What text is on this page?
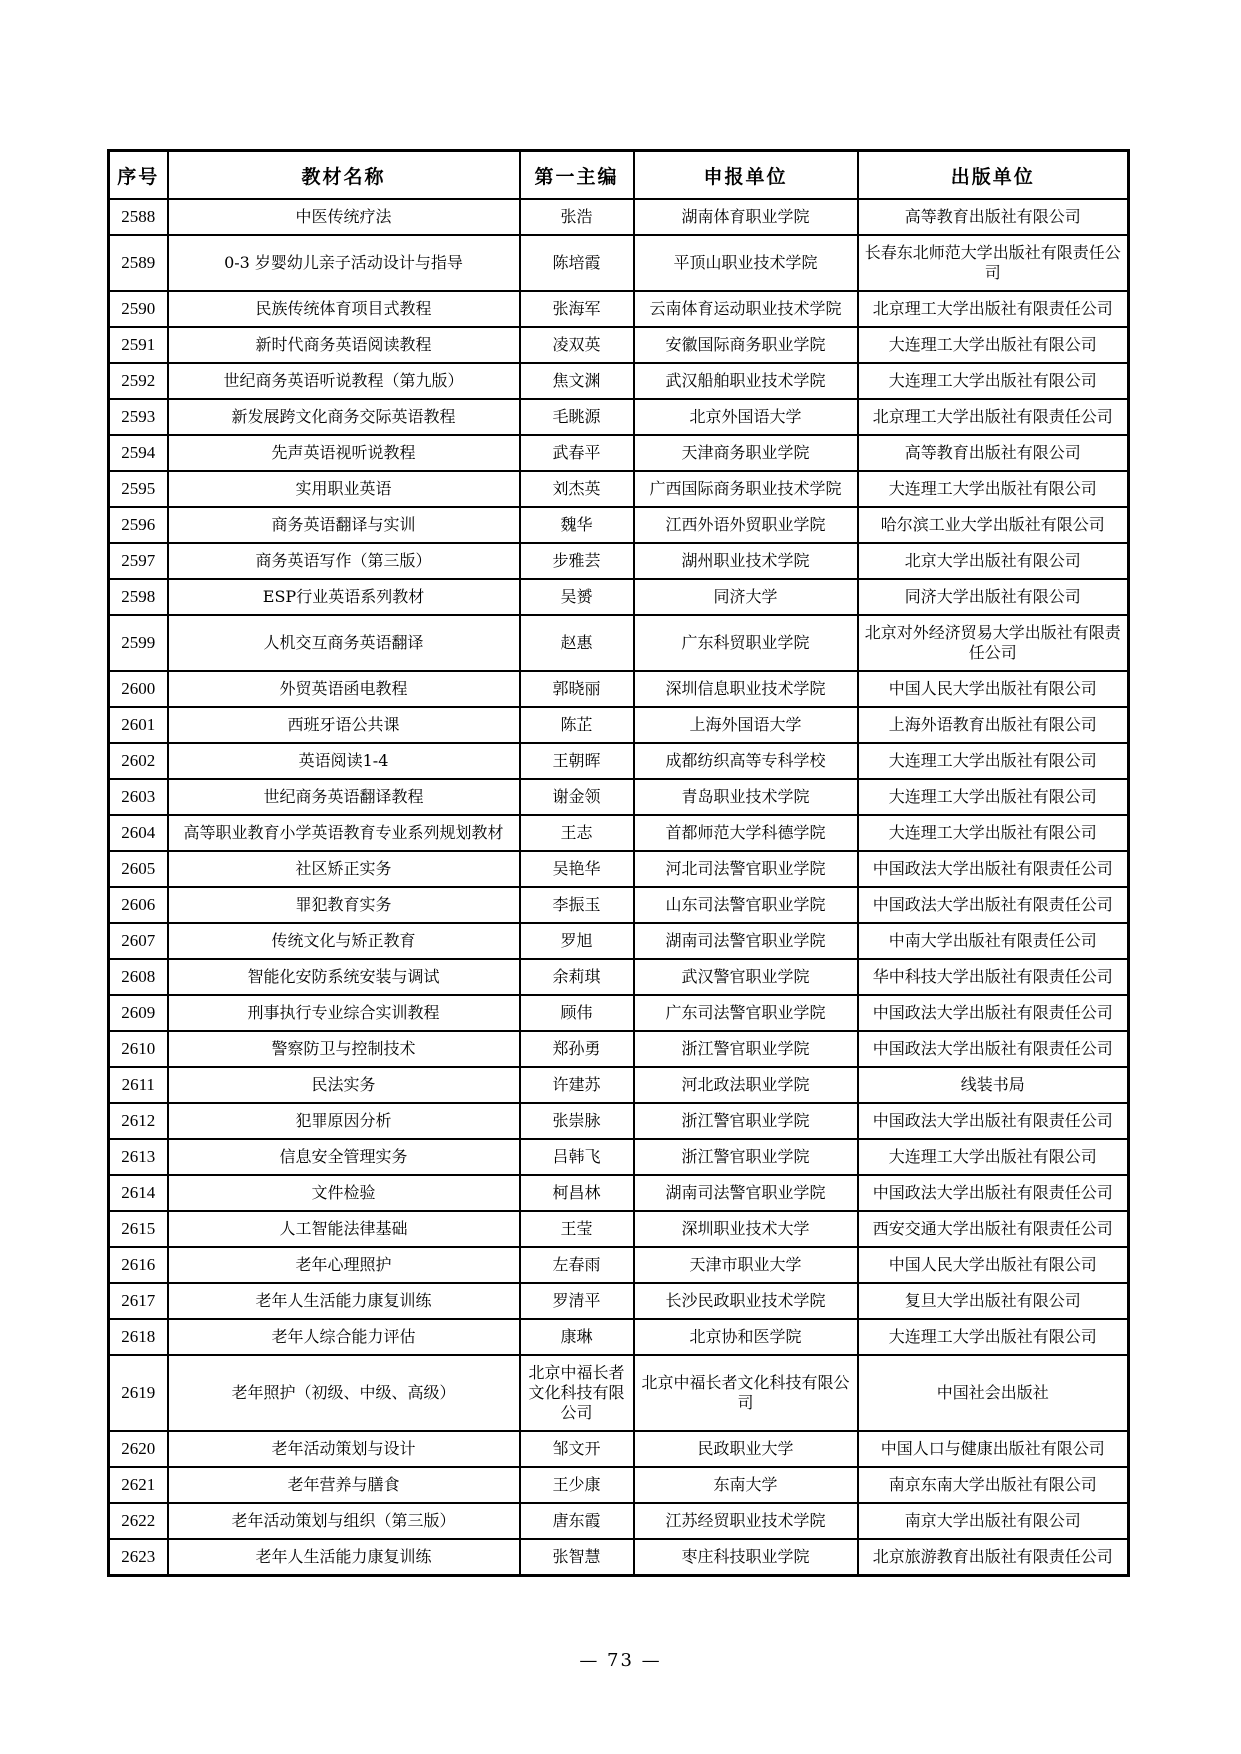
序号	教材名称	第一主编	申报单位	出版单位
2588	中医传统疗法	张浩	湖南体育职业学院	高等教育出版社有限公司
2589	0-3 岁婴幼儿亲子活动设计与指导	陈培霞	平顶山职业技术学院	长春东北师范大学出版社有限责任公司
2590	民族传统体育项目式教程	张海军	云南体育运动职业技术学院	北京理工大学出版社有限责任公司
2591	新时代商务英语阅读教程	凌双英	安徽国际商务职业学院	大连理工大学出版社有限公司
2592	世纪商务英语听说教程（第九版）	焦文渊	武汉船舶职业技术学院	大连理工大学出版社有限公司
2593	新发展跨文化商务交际英语教程	毛眺源	北京外国语大学	北京理工大学出版社有限责任公司
2594	先声英语视听说教程	武春平	天津商务职业学院	高等教育出版社有限公司
2595	实用职业英语	刘杰英	广西国际商务职业技术学院	大连理工大学出版社有限公司
2596	商务英语翻译与实训	魏华	江西外语外贸职业学院	哈尔滨工业大学出版社有限公司
2597	商务英语写作（第三版）	步雅芸	湖州职业技术学院	北京大学出版社有限公司
2598	ESP行业英语系列教材	吴赟	同济大学	同济大学出版社有限公司
2599	人机交互商务英语翻译	赵惠	广东科贸职业学院	北京对外经济贸易大学出版社有限责任公司
2600	外贸英语函电教程	郭晓丽	深圳信息职业技术学院	中国人民大学出版社有限公司
2601	西班牙语公共课	陈芷	上海外国语大学	上海外语教育出版社有限公司
2602	英语阅读1-4	王朝晖	成都纺织高等专科学校	大连理工大学出版社有限公司
2603	世纪商务英语翻译教程	谢金领	青岛职业技术学院	大连理工大学出版社有限公司
2604	高等职业教育小学英语教育专业系列规划教材	王志	首都师范大学科德学院	大连理工大学出版社有限公司
2605	社区矫正实务	吴艳华	河北司法警官职业学院	中国政法大学出版社有限责任公司
2606	罪犯教育实务	李振玉	山东司法警官职业学院	中国政法大学出版社有限责任公司
2607	传统文化与矫正教育	罗旭	湖南司法警官职业学院	中南大学出版社有限责任公司
2608	智能化安防系统安装与调试	余莉琪	武汉警官职业学院	华中科技大学出版社有限责任公司
2609	刑事执行专业综合实训教程	顾伟	广东司法警官职业学院	中国政法大学出版社有限责任公司
2610	警察防卫与控制技术	郑孙勇	浙江警官职业学院	中国政法大学出版社有限责任公司
2611	民法实务	许建苏	河北政法职业学院	线装书局
2612	犯罪原因分析	张崇脉	浙江警官职业学院	中国政法大学出版社有限责任公司
2613	信息安全管理实务	吕韩飞	浙江警官职业学院	大连理工大学出版社有限公司
2614	文件检验	柯昌林	湖南司法警官职业学院	中国政法大学出版社有限责任公司
2615	人工智能法律基础	王莹	深圳职业技术大学	西安交通大学出版社有限责任公司
2616	老年心理照护	左春雨	天津市职业大学	中国人民大学出版社有限公司
2617	老年人生活能力康复训练	罗清平	长沙民政职业技术学院	复旦大学出版社有限公司
2618	老年人综合能力评估	康琳	北京协和医学院	大连理工大学出版社有限公司
2619	老年照护（初级、中级、高级）	北京中福长者文化科技有限公司	北京中福长者文化科技有限公司	中国社会出版社
2620	老年活动策划与设计	邹文开	民政职业大学	中国人口与健康出版社有限公司
2621	老年营养与膳食	王少康	东南大学	南京东南大学出版社有限公司
2622	老年活动策划与组织（第三版）	唐东霞	江苏经贸职业技术学院	南京大学出版社有限公司
2623	老年人生活能力康复训练	张智慧	枣庄科技职业学院	北京旅游教育出版社有限责任公司
— 73 —
